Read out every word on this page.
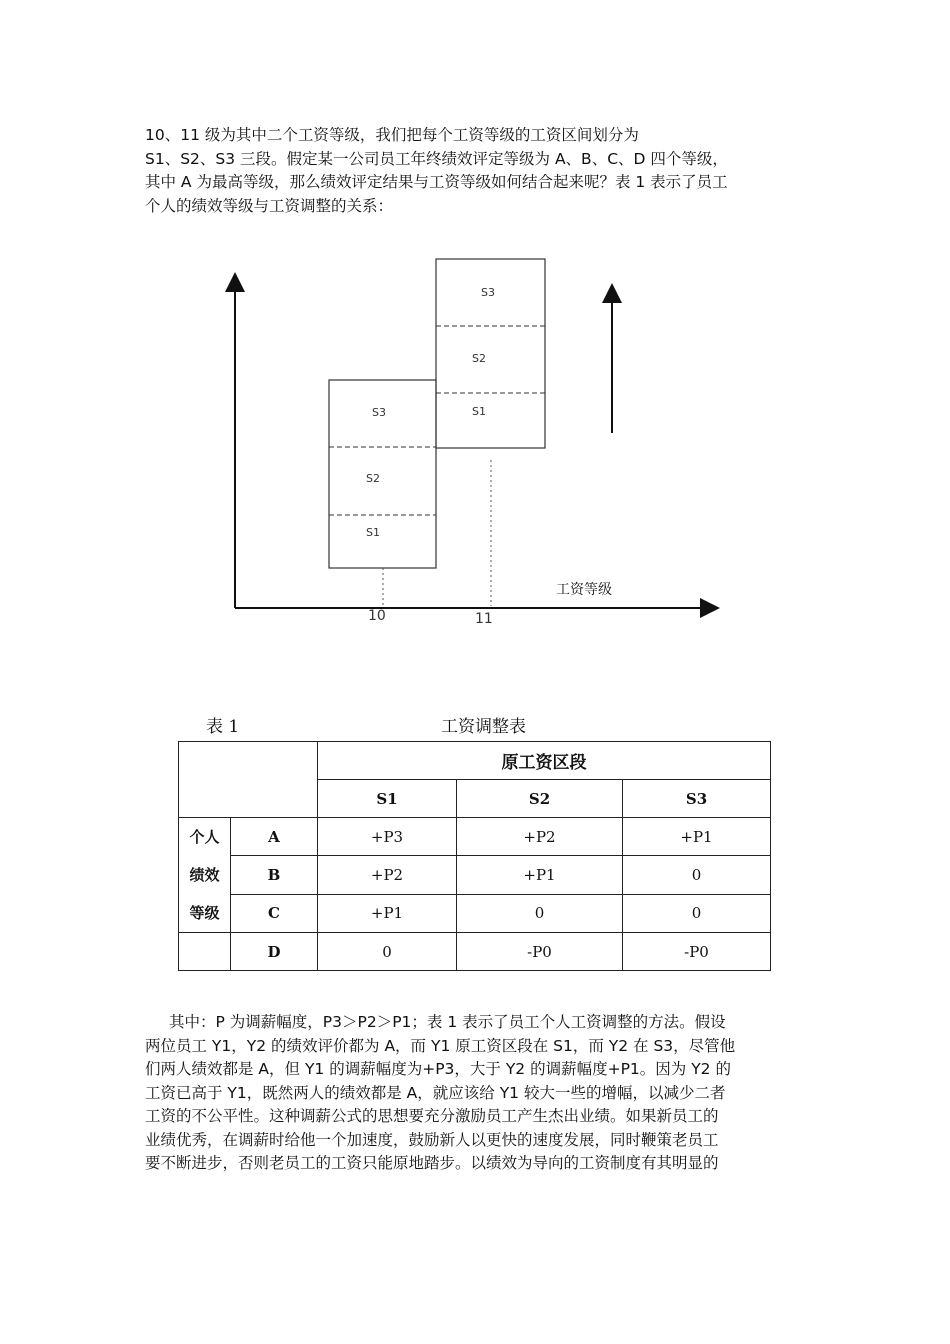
10、11 级为其中二个工资等级，我们把每个工资等级的工资区间划分为
S1、S2、S3 三段。假定某一公司员工年终绩效评定等级为 A、B、C、D 四个等级，
其中 A 为最高等级，那么绩效评定结果与工资等级如何结合起来呢？表 1 表示了员工
个人的绩效等级与工资调整的关系：
S3
S2
S1
S3
S2
S1
10	11
工资等级
表 1	工资调整表
		原工资区段		
		S1	S2	S3

个人
绩效
等级	A	+P3	+P2	+P1
	B	+P2	+P1	0
	C	+P1	0	0
	D	0	-P0	-P0
其中：P 为调薪幅度，P3＞P2＞P1；表 1 表示了员工个人工资调整的方法。假设
两位员工 Y1，Y2 的绩效评价都为 A，而 Y1 原工资区段在 S1，而 Y2 在 S3，尽管他
们两人绩效都是 A，但 Y1 的调薪幅度为+P3，大于 Y2 的调薪幅度+P1。因为 Y2 的
工资已高于 Y1，既然两人的绩效都是 A，就应该给 Y1 较大一些的增幅，以减少二者
工资的不公平性。这种调薪公式的思想要充分激励员工产生杰出业绩。如果新员工的
业绩优秀，在调薪时给他一个加速度，鼓励新人以更快的速度发展，同时鞭策老员工
要不断进步，否则老员工的工资只能原地踏步。以绩效为导向的工资制度有其明显的
